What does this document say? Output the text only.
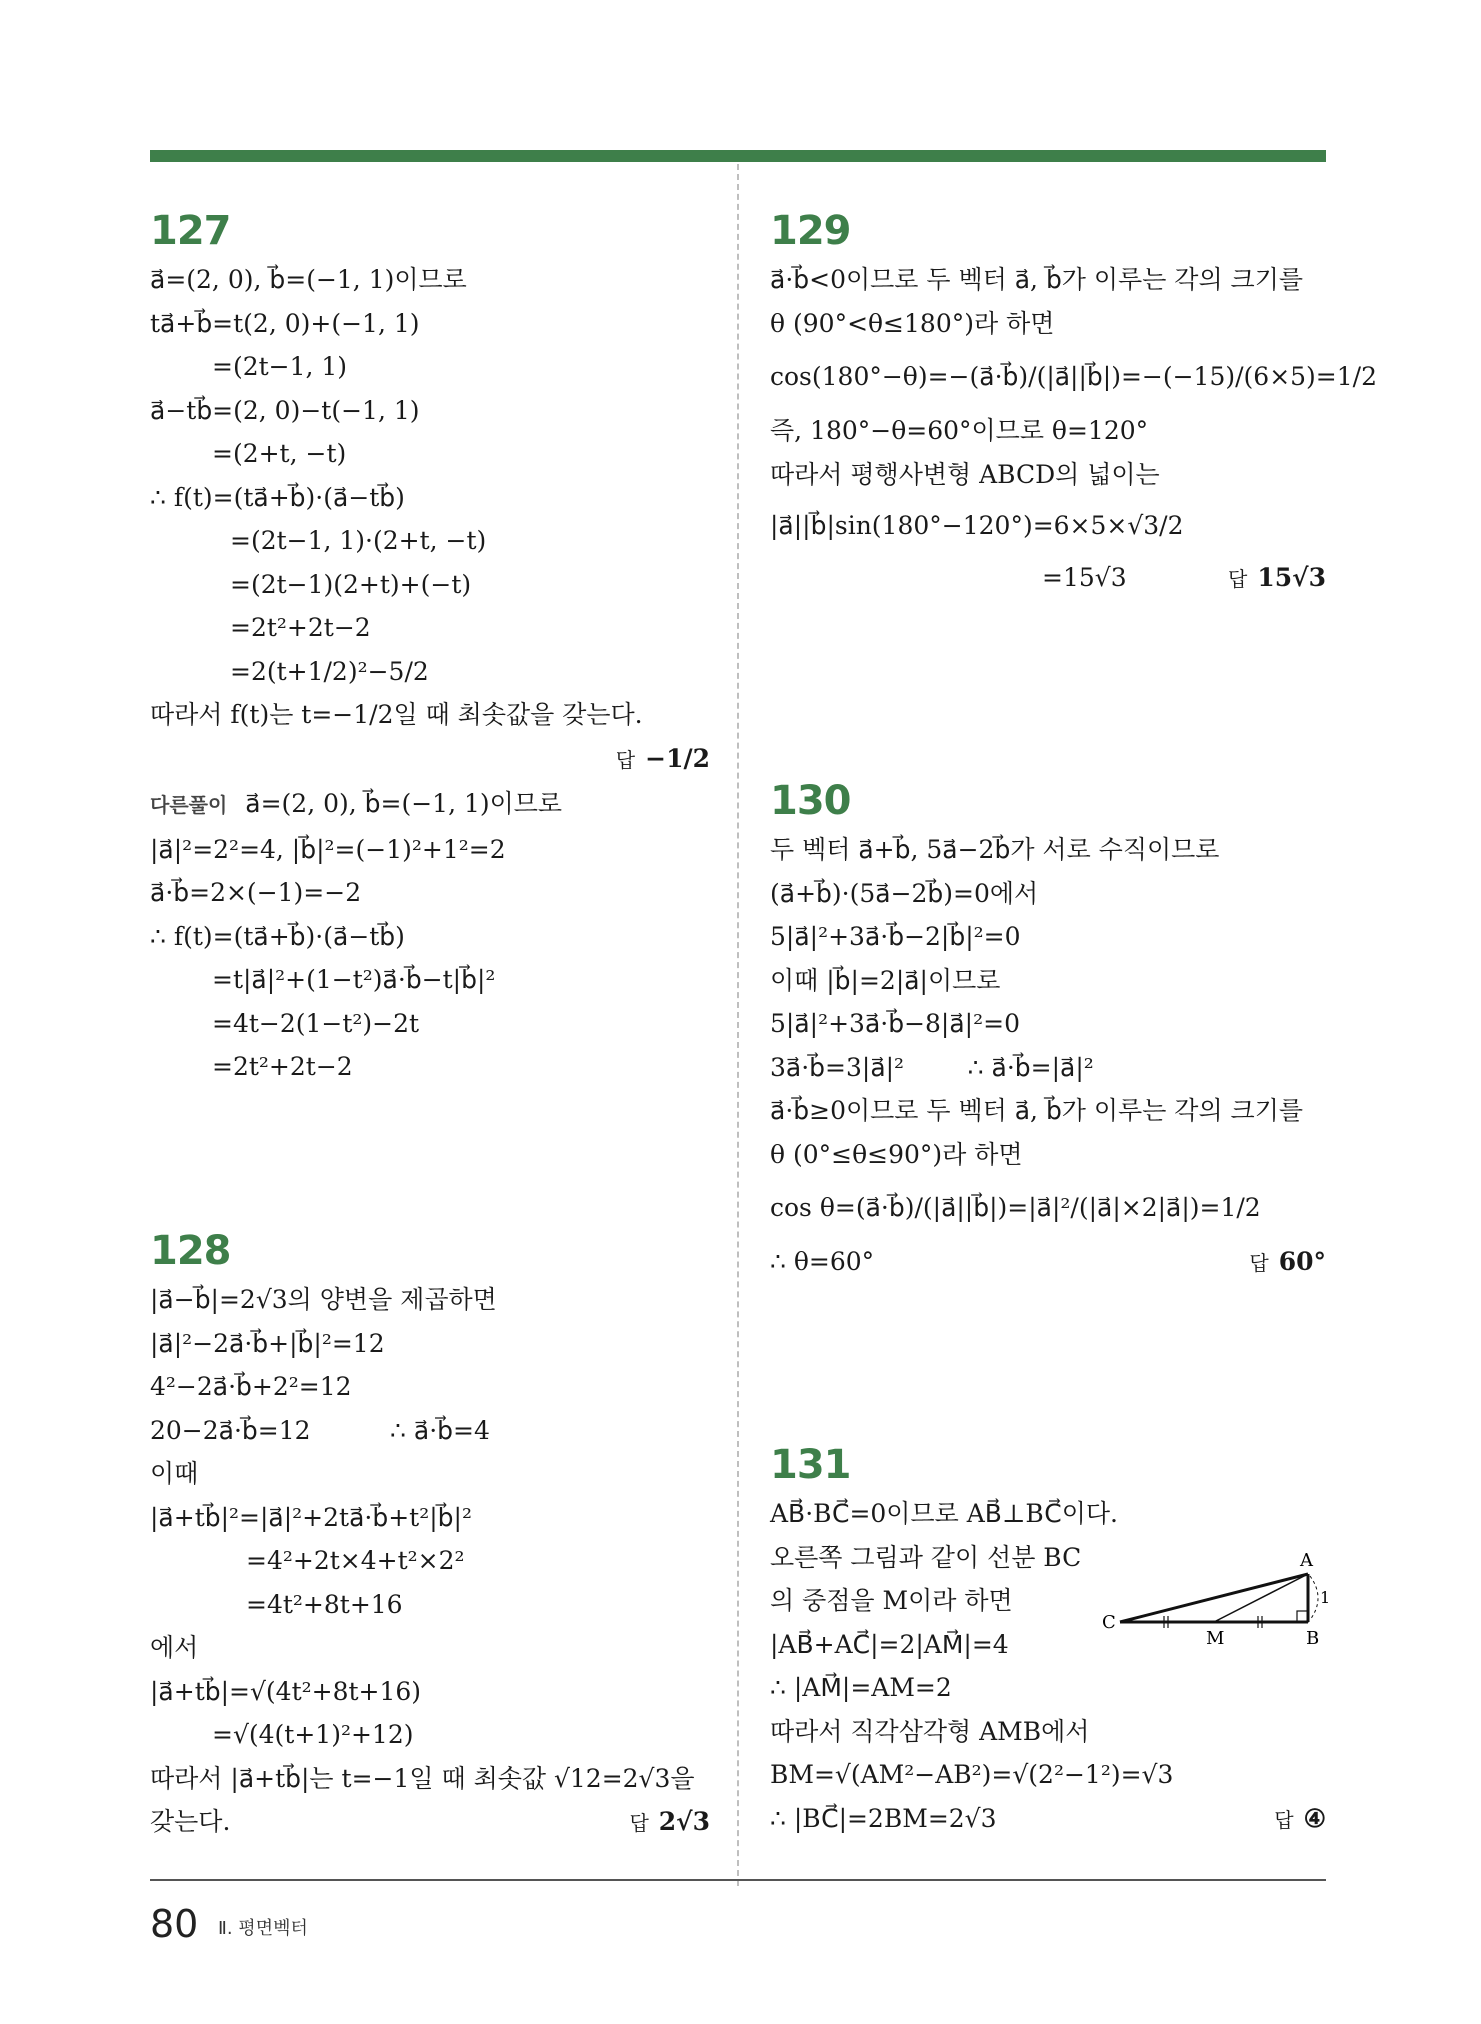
127
a⃗=(2, 0), b⃗=(−1, 1)이므로
ta⃗+b⃗=t(2, 0)+(−1, 1)
=(2t−1, 1)
a⃗−tb⃗=(2, 0)−t(−1, 1)
=(2+t, −t)
∴ f(t)=(ta⃗+b⃗)·(a⃗−tb⃗)
=(2t−1, 1)·(2+t, −t)
=(2t−1)(2+t)+(−t)
=2t²+2t−2
=2(t+1/2)²−5/2
따라서 f(t)는 t=−1/2일 때 최솟값을 갖는다.
답 −1/2
다른풀이 a⃗=(2, 0), b⃗=(−1, 1)이므로
|a⃗|²=2²=4, |b⃗|²=(−1)²+1²=2
a⃗·b⃗=2×(−1)=−2
∴ f(t)=(ta⃗+b⃗)·(a⃗−tb⃗)
=t|a⃗|²+(1−t²)a⃗·b⃗−t|b⃗|²
=4t−2(1−t²)−2t
=2t²+2t−2
128
|a⃗−b⃗|=2√3의 양변을 제곱하면
|a⃗|²−2a⃗·b⃗+|b⃗|²=12
4²−2a⃗·b⃗+2²=12
20−2a⃗·b⃗=12          ∴ a⃗·b⃗=4
이때
|a⃗+tb⃗|²=|a⃗|²+2ta⃗·b⃗+t²|b⃗|²
=4²+2t×4+t²×2²
=4t²+8t+16
에서
|a⃗+tb⃗|=√(4t²+8t+16)
=√(4(t+1)²+12)
따라서 |a⃗+tb⃗|는 t=−1일 때 최솟값 √12=2√3을
갖는다.	답 2√3
129
a⃗·b⃗<0이므로 두 벡터 a⃗, b⃗가 이루는 각의 크기를
θ (90°<θ≤180°)라 하면
cos(180°−θ)=−(a⃗·b⃗)/(|a⃗||b⃗|)=−(−15)/(6×5)=1/2
즉, 180°−θ=60°이므로 θ=120°
따라서 평행사변형 ABCD의 넓이는
|a⃗||b⃗|sin(180°−120°)=6×5×√3/2
=15√3	답 15√3
130
두 벡터 a⃗+b⃗, 5a⃗−2b⃗가 서로 수직이므로
(a⃗+b⃗)·(5a⃗−2b⃗)=0에서
5|a⃗|²+3a⃗·b⃗−2|b⃗|²=0
이때 |b⃗|=2|a⃗|이므로
5|a⃗|²+3a⃗·b⃗−8|a⃗|²=0
3a⃗·b⃗=3|a⃗|²        ∴ a⃗·b⃗=|a⃗|²
a⃗·b⃗≥0이므로 두 벡터 a⃗, b⃗가 이루는 각의 크기를
θ (0°≤θ≤90°)라 하면
cos θ=(a⃗·b⃗)/(|a⃗||b⃗|)=|a⃗|²/(|a⃗|×2|a⃗|)=1/2
∴ θ=60°	답 60°
131
AB⃗·BC⃗=0이므로 AB⃗⊥BC⃗이다.
오른쪽 그림과 같이 선분 BC
의 중점을 M이라 하면
|AB⃗+AC⃗|=2|AM⃗|=4
∴ |AM⃗|=AM=2
따라서 직각삼각형 AMB에서
BM=√(AM²−AB²)=√(2²−1²)=√3
∴ |BC⃗|=2BM=2√3	답 ④
A
B
C
M
1
80 Ⅱ. 평면벡터
